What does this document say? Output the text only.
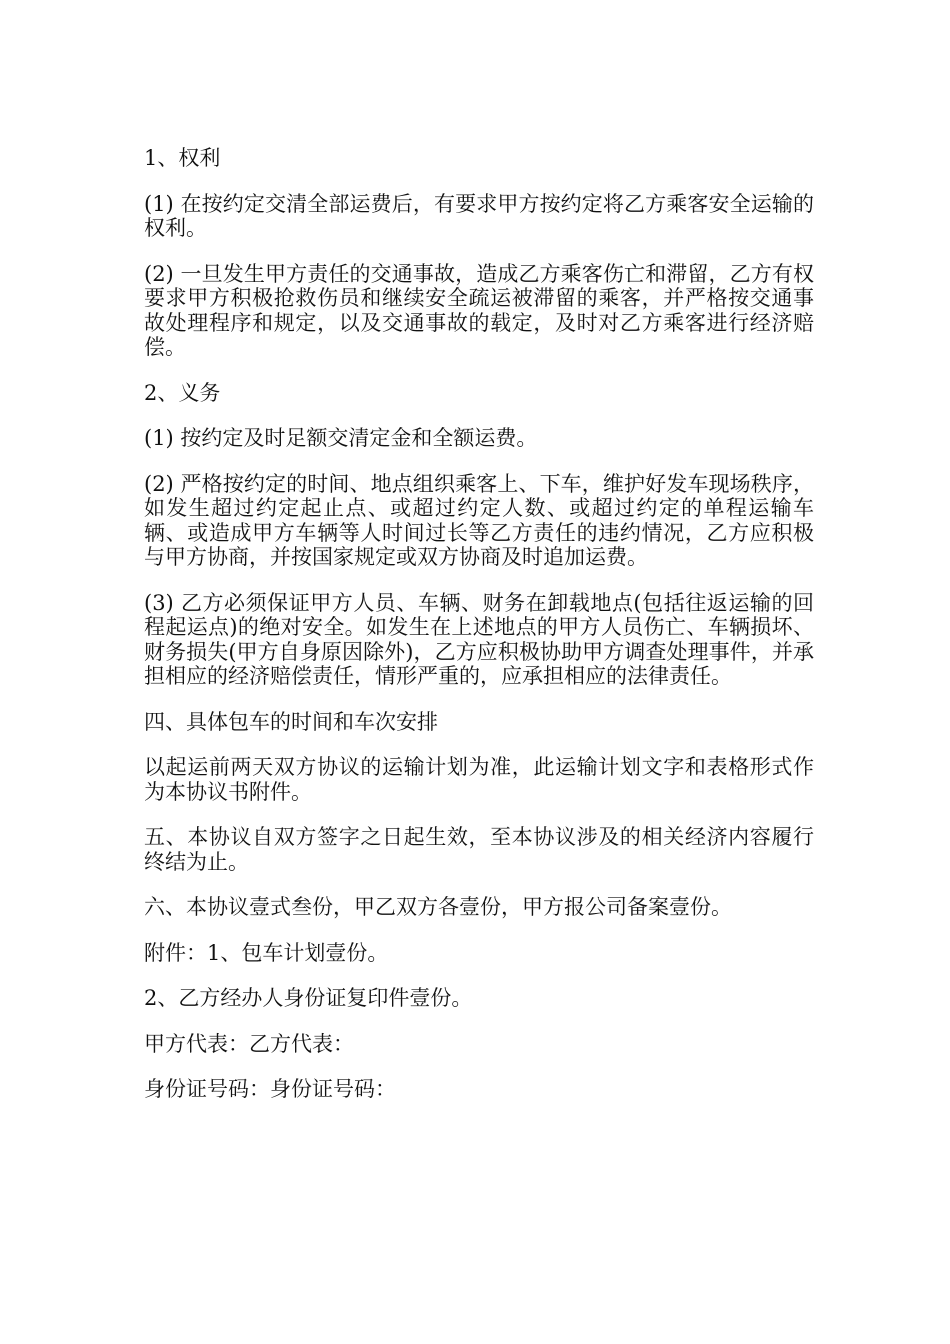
1、权利

(1) 在按约定交清全部运费后，有要求甲方按约定将乙方乘客安全运输的权利。

(2) 一旦发生甲方责任的交通事故，造成乙方乘客伤亡和滞留，乙方有权要求甲方积极抢救伤员和继续安全疏运被滞留的乘客，并严格按交通事故处理程序和规定，以及交通事故的载定，及时对乙方乘客进行经济赔偿。

2、义务

(1) 按约定及时足额交清定金和全额运费。

(2) 严格按约定的时间、地点组织乘客上、下车，维护好发车现场秩序，如发生超过约定起止点、或超过约定人数、或超过约定的单程运输车辆、或造成甲方车辆等人时间过长等乙方责任的违约情况，乙方应积极与甲方协商，并按国家规定或双方协商及时追加运费。

(3) 乙方必须保证甲方人员、车辆、财务在卸载地点(包括往返运输的回程起运点)的绝对安全。如发生在上述地点的甲方人员伤亡、车辆损坏、财务损失(甲方自身原因除外)，乙方应积极协助甲方调查处理事件，并承担相应的经济赔偿责任，情形严重的，应承担相应的法律责任。

四、具体包车的时间和车次安排

以起运前两天双方协议的运输计划为准，此运输计划文字和表格形式作为本协议书附件。

五、本协议自双方签字之日起生效，至本协议涉及的相关经济内容履行终结为止。

六、本协议壹式叁份，甲乙双方各壹份，甲方报公司备案壹份。

附件：1、包车计划壹份。

2、乙方经办人身份证复印件壹份。

甲方代表：乙方代表：

身份证号码：身份证号码：
